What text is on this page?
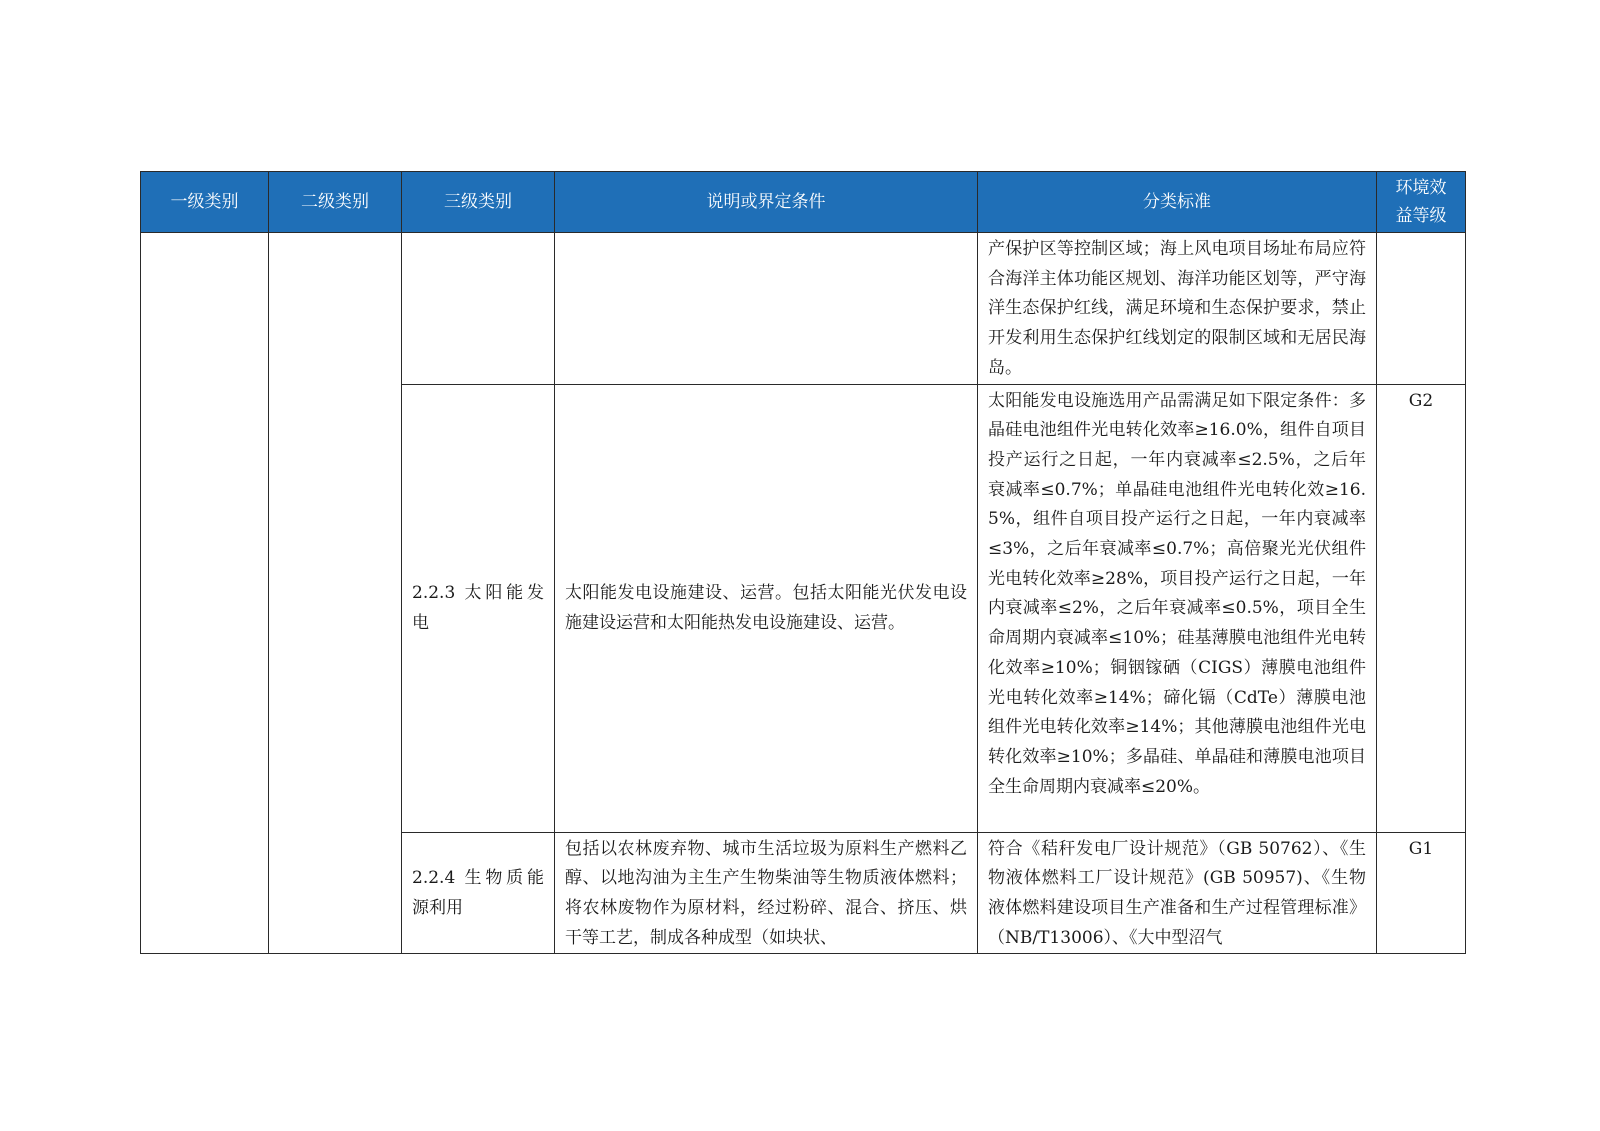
一级类别	二级类别	三级类别	说明或界定条件	分类标准	环境效益等级

				产保护区等控制区域；海上风电项目场址布局应符合海洋主体功能区规划、海洋功能区划等，严守海洋生态保护红线，满足环境和生态保护要求，禁止开发利用生态保护红线划定的限制区域和无居民海岛。	

		2.2.3 太阳能发电	太阳能发电设施建设、运营。包括太阳能光伏发电设施建设运营和太阳能热发电设施建设、运营。	太阳能发电设施选用产品需满足如下限定条件：多晶硅电池组件光电转化效率≥16.0%，组件自项目投产运行之日起，一年内衰减率≤2.5%，之后年衰减率≤0.7%；单晶硅电池组件光电转化效≥16.5%，组件自项目投产运行之日起，一年内衰减率≤3%，之后年衰减率≤0.7%；高倍聚光光伏组件光电转化效率≥28%，项目投产运行之日起，一年内衰减率≤2%，之后年衰减率≤0.5%，项目全生命周期内衰减率≤10%；硅基薄膜电池组件光电转化效率≥10%；铜铟镓硒（CIGS）薄膜电池组件光电转化效率≥14%；碲化镉（CdTe）薄膜电池组件光电转化效率≥14%；其他薄膜电池组件光电转化效率≥10%；多晶硅、单晶硅和薄膜电池项目全生命周期内衰减率≤20%。	G2

		2.2.4 生物质能源利用	包括以农林废弃物、城市生活垃圾为原料生产燃料乙醇、以地沟油为主生产生物柴油等生物质液体燃料；将农林废物作为原材料，经过粉碎、混合、挤压、烘干等工艺，制成各种成型（如块状、	符合《秸秆发电厂设计规范》（GB 50762）、《生物液体燃料工厂设计规范》(GB 50957)、《生物液体燃料建设项目生产准备和生产过程管理标准》（NB/T13006）、《大中型沼气	G1
